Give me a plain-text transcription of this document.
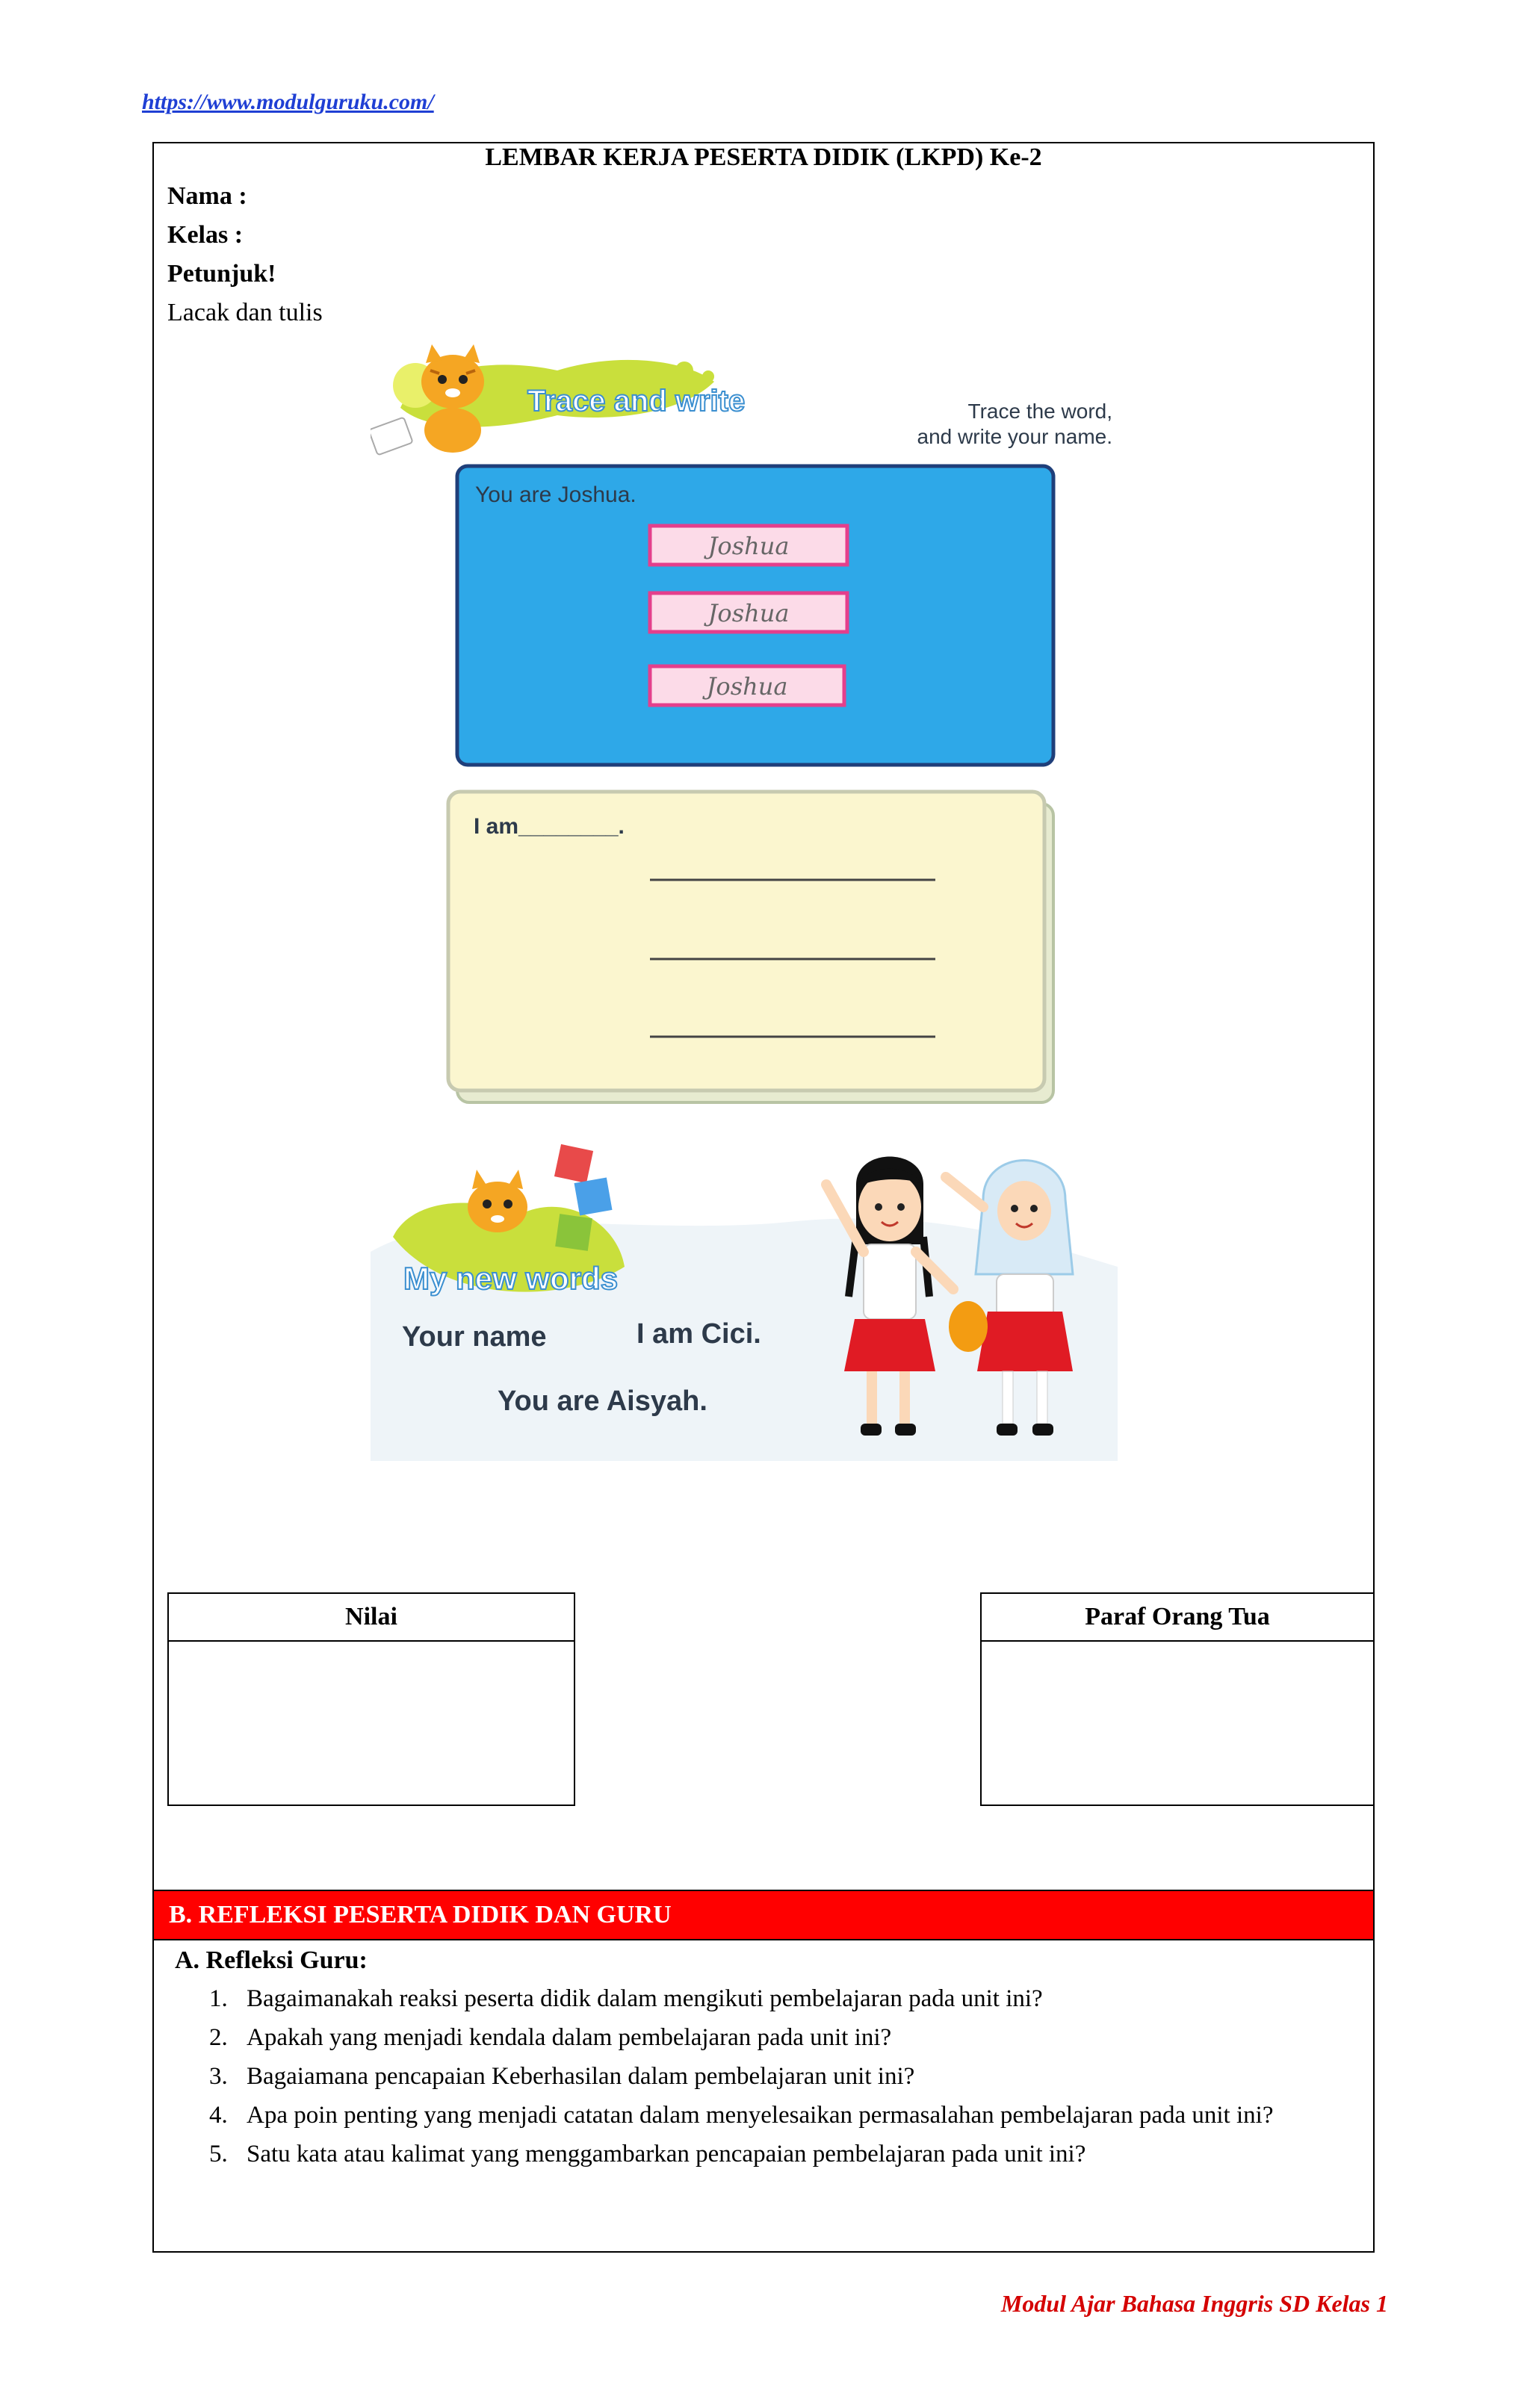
https://www.modulguruku.com/
LEMBAR KERJA PESERTA DIDIK (LKPD) Ke-2
Nama :
Kelas :
Petunjuk!
Lacak dan tulis
Trace and write	Trace the word,
and write your name.
You are Joshua.
Joshua
Joshua
Joshua
I am________.
My new words
Your name	I am Cici.
You are Aisyah.
Nilai	Paraf Orang Tua
B. REFLEKSI PESERTA DIDIK DAN GURU
A. Refleksi Guru:
1. Bagaimanakah reaksi peserta didik dalam mengikuti pembelajaran pada unit ini?
2. Apakah yang menjadi kendala dalam pembelajaran pada unit ini?
3. Bagaiamana pencapaian Keberhasilan dalam pembelajaran unit ini?
4. Apa poin penting yang menjadi catatan dalam menyelesaikan permasalahan pembelajaran pada unit ini?
5. Satu kata atau kalimat yang menggambarkan pencapaian pembelajaran pada unit ini?
Modul Ajar Bahasa Inggris SD Kelas 1
